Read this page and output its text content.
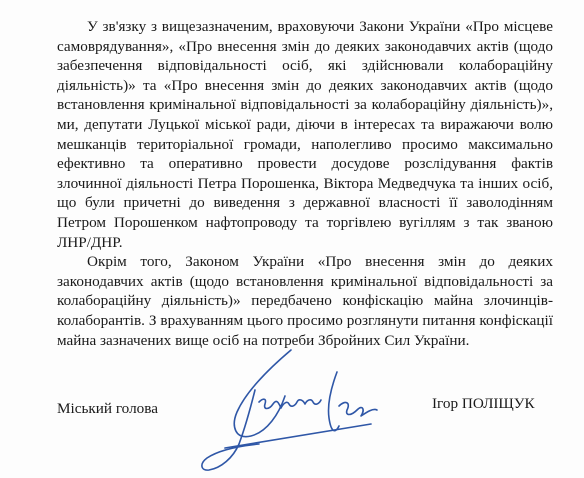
У зв'язку з вищезазначеним, враховуючи Закони України «Про місцеве самоврядування», «Про внесення змін до деяких законодавчих актів (щодо забезпечення відповідальності осіб, які здійснювали колабораційну діяльність)» та «Про внесення змін до деяких законодавчих актів (щодо встановлення кримінальної відповідальності за колабораційну діяльність)», ми, депутати Луцької міської ради, діючи в інтересах та виражаючи волю мешканців територіальної громади, наполегливо просимо максимально ефективно та оперативно провести досудове розслідування фактів злочинної діяльності Петра Порошенка, Віктора Медведчука та інших осіб, що були причетні до виведення з державної власності її заволодінням Петром Порошенком нафтопроводу та торгівлею вугіллям з так званою ЛНР/ДНР.

Окрім того, Законом України «Про внесення змін до деяких законодавчих актів (щодо встановлення кримінальної відповідальності за колабораційну діяльність)» передбачено конфіскацію майна злочинців-колаборантів. З врахуванням цього просимо розглянути питання конфіскації майна зазначених вище осіб на потреби Збройних Сил України.

Міський голова	Ігор ПОЛІЩУК
